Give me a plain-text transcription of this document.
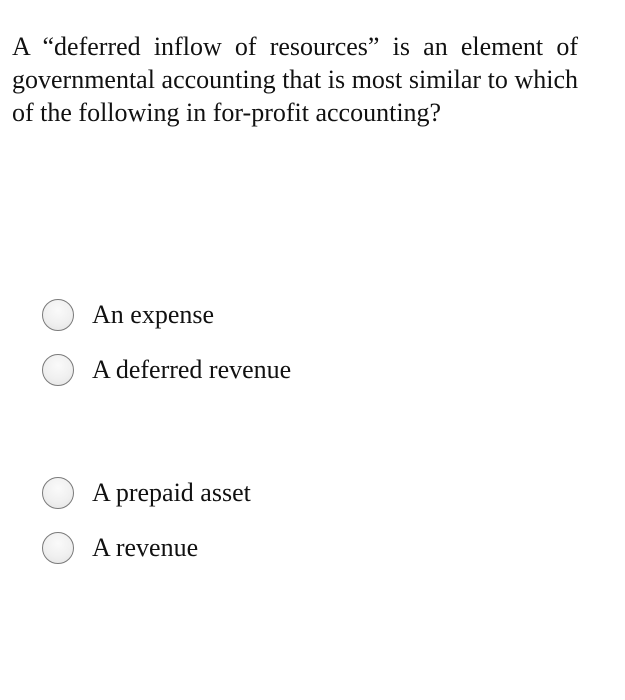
A “deferred inflow of resources” is an element of governmental accounting that is most similar to which of the following in for-profit accounting?

An expense
A deferred revenue
A prepaid asset
A revenue
